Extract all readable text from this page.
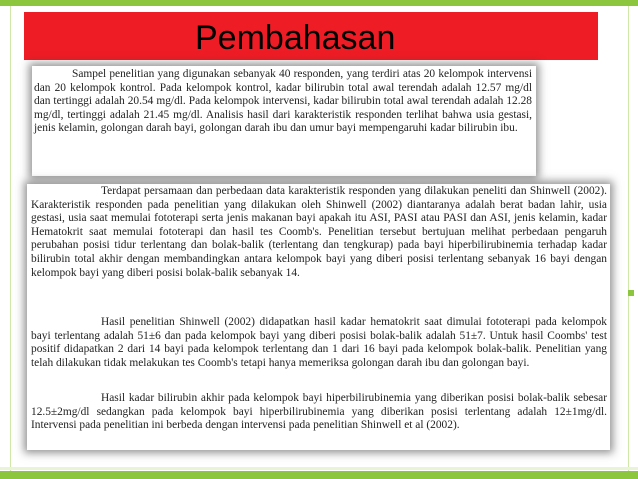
Pembahasan

Sampel penelitian yang digunakan sebanyak 40 responden, yang terdiri atas 20 kelompok intervensi dan 20 kelompok kontrol. Pada kelompok kontrol, kadar bilirubin total awal terendah adalah 12.57 mg/dl dan tertinggi adalah 20.54 mg/dl. Pada kelompok intervensi, kadar bilirubin total awal terendah adalah 12.28 mg/dl, tertinggi adalah 21.45 mg/dl. Analisis hasil dari karakteristik responden terlihat bahwa usia gestasi, jenis kelamin, golongan darah bayi, golongan darah ibu dan umur bayi mempengaruhi kadar bilirubin ibu.

Terdapat persamaan dan perbedaan data karakteristik responden yang dilakukan peneliti dan Shinwell (2002). Karakteristik responden pada penelitian yang dilakukan oleh Shinwell (2002) diantaranya adalah berat badan lahir, usia gestasi, usia saat memulai fototerapi serta jenis makanan bayi apakah itu ASI, PASI atau PASI dan ASI, jenis kelamin, kadar Hematokrit saat memulai fototerapi dan hasil tes Coomb's. Penelitian tersebut bertujuan melihat perbedaan pengaruh perubahan posisi tidur terlentang dan bolak-balik (terlentang dan tengkurap) pada bayi hiperbilirubinemia terhadap kadar bilirubin total akhir dengan membandingkan antara kelompok bayi yang diberi posisi terlentang sebanyak 16 bayi dengan kelompok bayi yang diberi posisi bolak-balik sebanyak 14.

Hasil penelitian Shinwell (2002) didapatkan hasil kadar hematokrit saat dimulai fototerapi pada kelompok bayi terlentang adalah 51±6 dan pada kelompok bayi yang diberi posisi bolak-balik adalah 51±7. Untuk hasil Coombs' test positif didapatkan 2 dari 14 bayi pada kelompok terlentang dan 1 dari 16 bayi pada kelompok bolak-balik. Penelitian yang telah dilakukan tidak melakukan tes Coomb's tetapi hanya memeriksa golongan darah ibu dan golongan bayi.

Hasil kadar bilirubin akhir pada kelompok bayi hiperbilirubinemia yang diberikan posisi bolak-balik sebesar 12.5±2mg/dl sedangkan pada kelompok bayi hiperbilirubinemia yang diberikan posisi terlentang adalah 12±1mg/dl. Intervensi pada penelitian ini berbeda dengan intervensi pada penelitian Shinwell et al (2002).
